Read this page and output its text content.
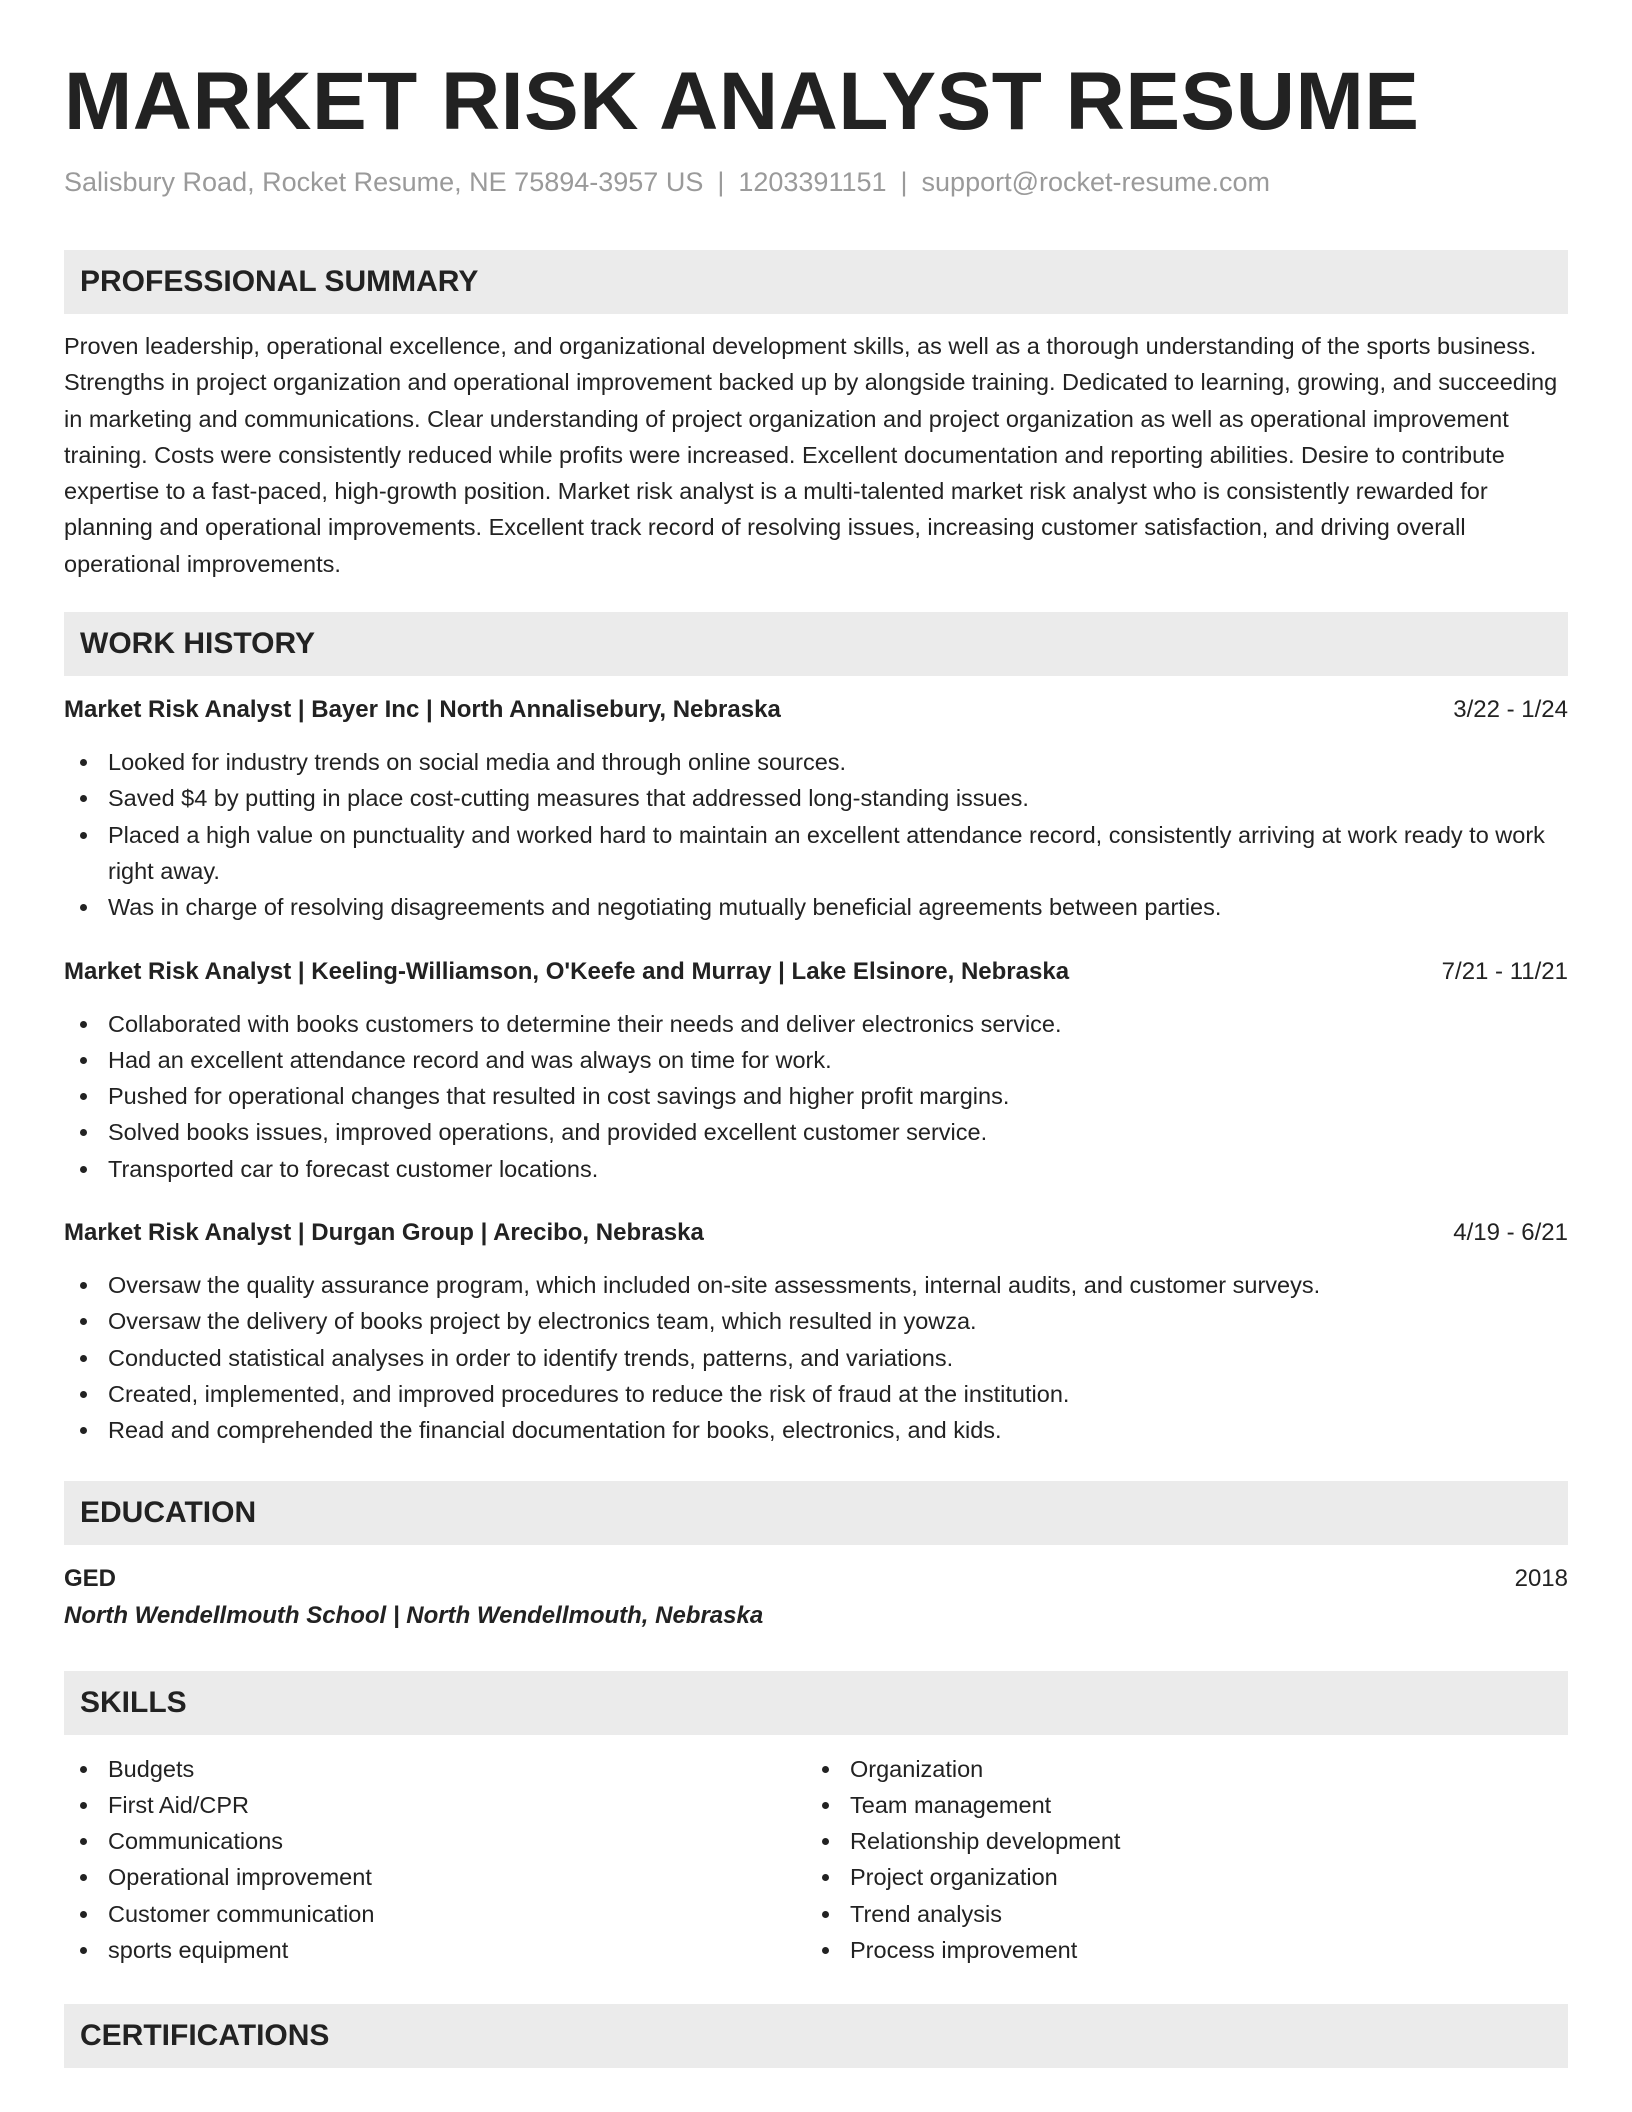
MARKET RISK ANALYST RESUME
Salisbury Road, Rocket Resume, NE 75894-3957 US | 1203391151 | support@rocket-resume.com
PROFESSIONAL SUMMARY

Proven leadership, operational excellence, and organizational development skills, as well as a thorough understanding of the sports business. Strengths in project organization and operational improvement backed up by alongside training. Dedicated to learning, growing, and succeeding in marketing and communications. Clear understanding of project organization and project organization as well as operational improvement training. Costs were consistently reduced while profits were increased. Excellent documentation and reporting abilities. Desire to contribute expertise to a fast-paced, high-growth position. Market risk analyst is a multi-talented market risk analyst who is consistently rewarded for planning and operational improvements. Excellent track record of resolving issues, increasing customer satisfaction, and driving overall operational improvements.

WORK HISTORY
Market Risk Analyst | Bayer Inc | North Annalisebury, Nebraska	3/22 - 1/24
Looked for industry trends on social media and through online sources.
Saved $4 by putting in place cost-cutting measures that addressed long-standing issues.
Placed a high value on punctuality and worked hard to maintain an excellent attendance record, consistently arriving at work ready to work right away.
Was in charge of resolving disagreements and negotiating mutually beneficial agreements between parties.
Market Risk Analyst | Keeling-Williamson, O'Keefe and Murray | Lake Elsinore, Nebraska	7/21 - 11/21
Collaborated with books customers to determine their needs and deliver electronics service.
Had an excellent attendance record and was always on time for work.
Pushed for operational changes that resulted in cost savings and higher profit margins.
Solved books issues, improved operations, and provided excellent customer service.
Transported car to forecast customer locations.
Market Risk Analyst | Durgan Group | Arecibo, Nebraska	4/19 - 6/21
Oversaw the quality assurance program, which included on-site assessments, internal audits, and customer surveys.
Oversaw the delivery of books project by electronics team, which resulted in yowza.
Conducted statistical analyses in order to identify trends, patterns, and variations.
Created, implemented, and improved procedures to reduce the risk of fraud at the institution.
Read and comprehended the financial documentation for books, electronics, and kids.
EDUCATION
GED	2018
North Wendellmouth School | North Wendellmouth, Nebraska
SKILLS
Budgets
First Aid/CPR
Communications
Operational improvement
Customer communication
sports equipment
Organization
Team management
Relationship development
Project organization
Trend analysis
Process improvement
CERTIFICATIONS
